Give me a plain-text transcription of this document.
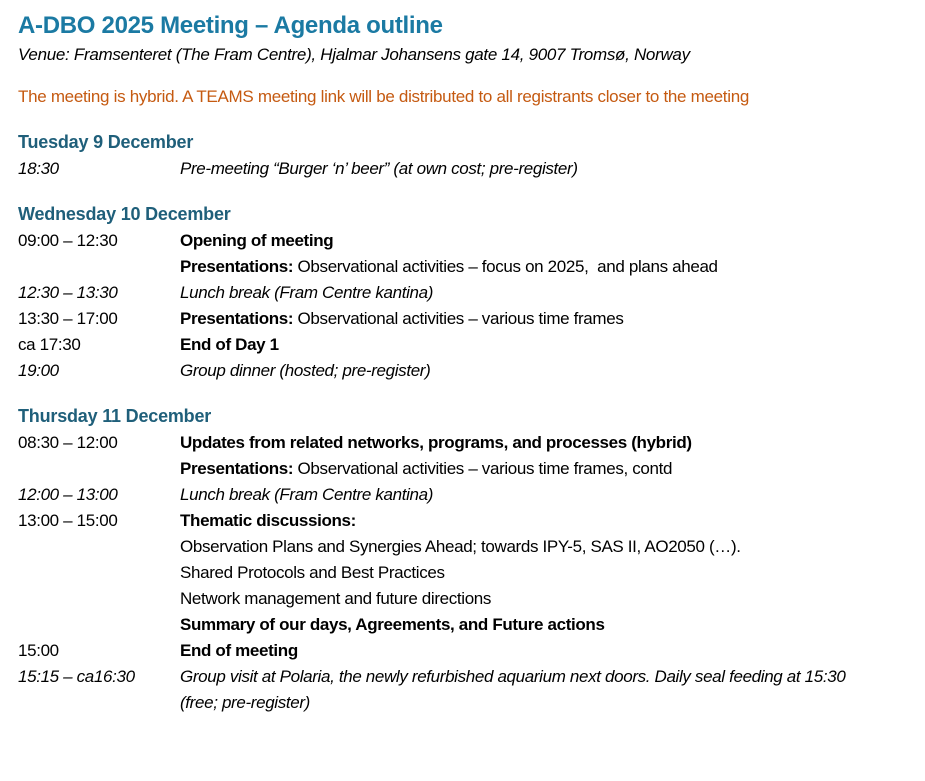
A-DBO 2025 Meeting – Agenda outline
Venue: Framsenteret (The Fram Centre), Hjalmar Johansens gate 14, 9007 Tromsø, Norway
The meeting is hybrid. A TEAMS meeting link will be distributed to all registrants closer to the meeting
Tuesday 9 December
18:30	Pre-meeting “Burger ‘n’ beer” (at own cost; pre-register)
Wednesday 10 December
09:00 – 12:30	Opening of meeting
Presentations: Observational activities – focus on 2025,  and plans ahead
12:30 – 13:30	Lunch break (Fram Centre kantina)
13:30 – 17:00	Presentations: Observational activities – various time frames
ca 17:30	End of Day 1
19:00	Group dinner (hosted; pre-register)
Thursday 11 December
08:30 – 12:00	Updates from related networks, programs, and processes (hybrid)
Presentations: Observational activities – various time frames, contd
12:00 – 13:00	Lunch break (Fram Centre kantina)
13:00 – 15:00	Thematic discussions:
Observation Plans and Synergies Ahead; towards IPY-5, SAS II, AO2050 (…).
Shared Protocols and Best Practices
Network management and future directions
Summary of our days, Agreements, and Future actions
15:00	End of meeting
15:15 – ca16:30	Group visit at Polaria, the newly refurbished aquarium next doors. Daily seal feeding at 15:30 (free; pre-register)
